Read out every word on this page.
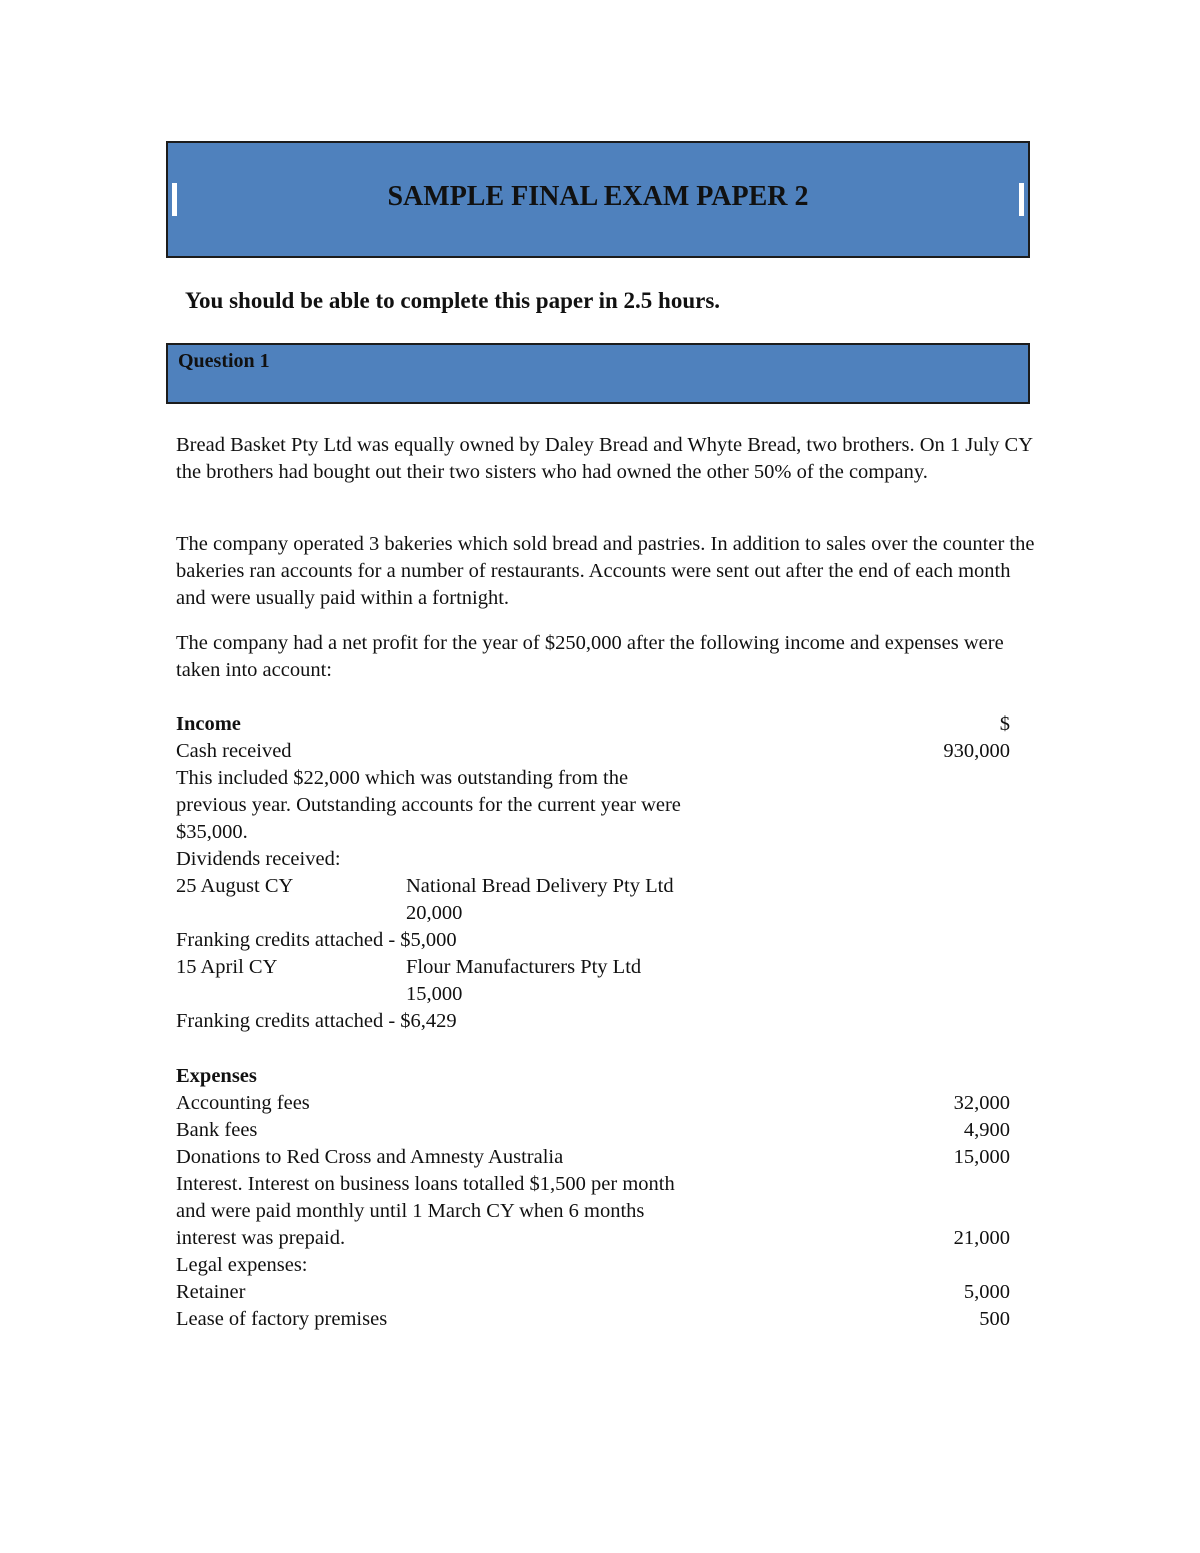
SAMPLE FINAL EXAM PAPER 2
You should be able to complete this paper in 2.5 hours.
Question 1
Bread Basket Pty Ltd was equally owned by Daley Bread and Whyte Bread, two brothers. On 1 July CY the brothers had bought out their two sisters who had owned the other 50% of the company.
The company operated 3 bakeries which sold bread and pastries. In addition to sales over the counter the bakeries ran accounts for a number of restaurants. Accounts were sent out after the end of each month and were usually paid within a fortnight.
The company had a net profit for the year of $250,000 after the following income and expenses were taken into account:
Income	$
Cash received	930,000
This included $22,000 which was outstanding from the
previous year. Outstanding accounts for the current year were
$35,000.
Dividends received:
25 August CY	National Bread Delivery Pty Ltd
20,000
Franking credits attached - $5,000
15 April CY	Flour Manufacturers Pty Ltd
15,000
Franking credits attached - $6,429
Expenses
Accounting fees	32,000
Bank fees	4,900
Donations to Red Cross and Amnesty Australia	15,000
Interest. Interest on business loans totalled $1,500 per month
and were paid monthly until 1 March CY when 6 months
interest was prepaid.	21,000
Legal expenses:
Retainer	5,000
Lease of factory premises	500
